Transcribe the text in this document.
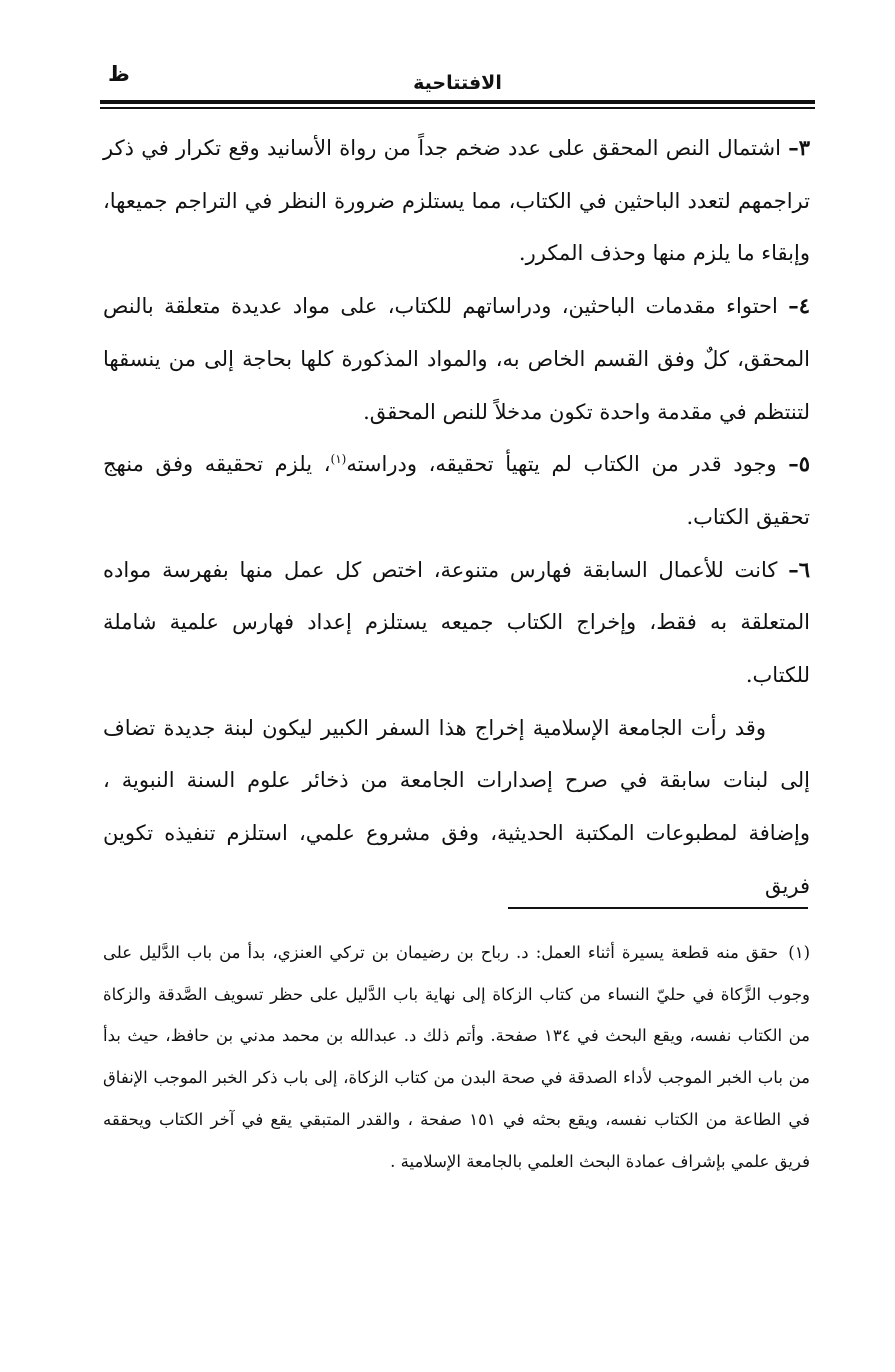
الافتتاحية
ظ

٣– اشتمال النص المحقق على عدد ضخم جداً من رواة الأسانيد وقع تكرار في ذكر تراجمهم لتعدد الباحثين في الكتاب، مما يستلزم ضرورة النظر في التراجم جميعها، وإبقاء ما يلزم منها وحذف المكرر.

٤– احتواء مقدمات الباحثين، ودراساتهم للكتاب، على مواد عديدة متعلقة بالنص المحقق، كلٌ وفق القسم الخاص به، والمواد المذكورة كلها بحاجة إلى من ينسقها لتنتظم في مقدمة واحدة تكون مدخلاً للنص المحقق.

٥– وجود قدر من الكتاب لم يتهيأ تحقيقه، ودراسته$^{(١)}$، يلزم تحقيقه وفق منهج تحقيق الكتاب.

٦– كانت للأعمال السابقة فهارس متنوعة، اختص كل عمل منها بفهرسة مواده المتعلقة به فقط، وإخراج الكتاب جميعه يستلزم إعداد فهارس علمية شاملة للكتاب.

وقد رأت الجامعة الإسلامية إخراج هذا السفر الكبير ليكون لبنة جديدة تضاف إلى لبنات سابقة في صرح إصدارات الجامعة من ذخائر علوم السنة النبوية ، وإضافة لمطبوعات المكتبة الحديثية، وفق مشروع علمي، استلزم تنفيذه تكوين فريق

(١)حقق منه قطعة يسيرة أثناء العمل: د. رباح بن رضيمان بن تركي العنزي، بدأ من باب الدَّليل على وجوب الزَّكاة في حليّ النساء من كتاب الزكاة إلى نهاية باب الدَّليل على حظر تسويف الصَّدقة والزكاة من الكتاب نفسه، ويقع البحث في ١٣٤ صفحة. وأتم ذلك د. عبدالله بن محمد مدني بن حافظ، حيث بدأ من باب الخبر الموجب لأداء الصدقة في صحة البدن من كتاب الزكاة، إلى باب ذكر الخبر الموجب الإنفاق في الطاعة من الكتاب نفسه، ويقع بحثه في ١٥١ صفحة ، والقدر المتبقي يقع في آخر الكتاب ويحققه فريق علمي بإشراف عمادة البحث العلمي بالجامعة الإسلامية .
